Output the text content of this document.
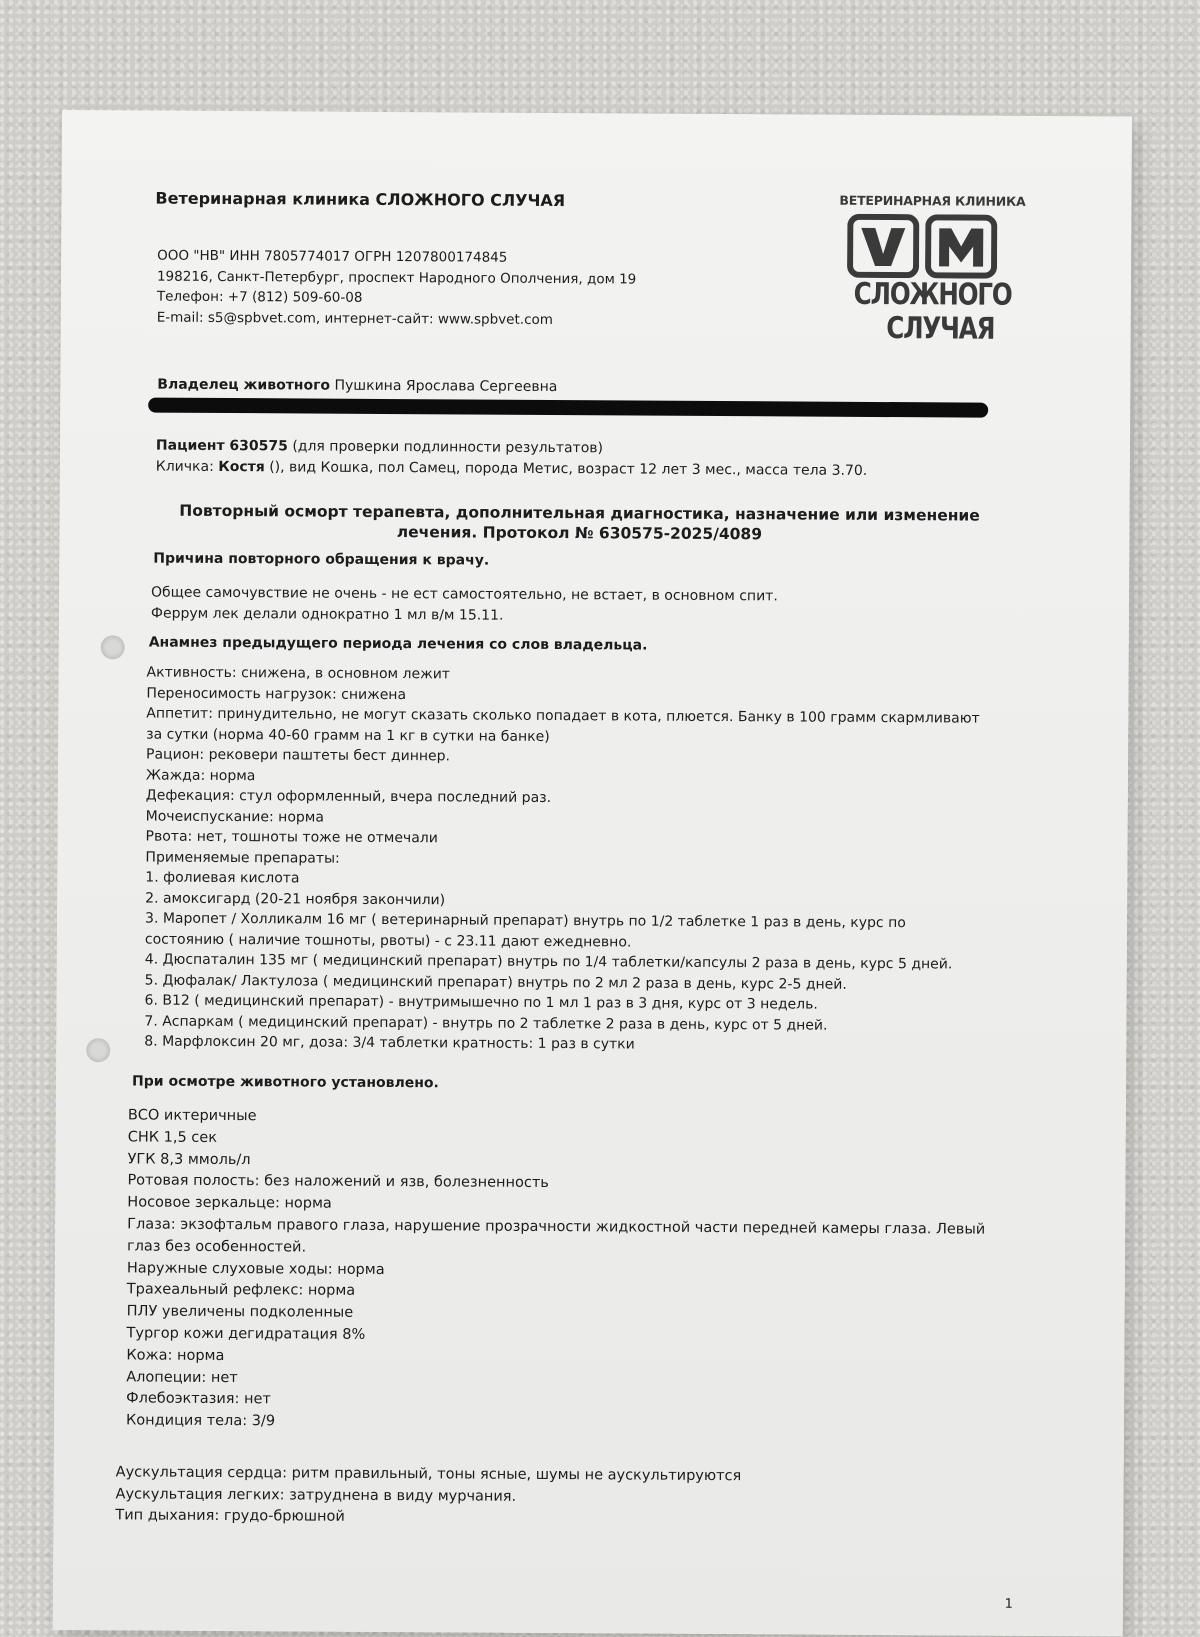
Ветеринарная клиника СЛОЖНОГО СЛУЧАЯ
ООО "НВ" ИНН 7805774017 ОГРН 1207800174845
198216, Санкт-Петербург, проспект Народного Ополчения, дом 19
Телефон: +7 (812) 509-60-08
E-mail: s5@spbvet.com, интернет-сайт: www.spbvet.com
ВЕТЕРИНАРНАЯ КЛИНИКА
СЛОЖНОГО
СЛУЧАЯ
Владелец животного Пушкина Ярослава Сергеевна
Пациент 630575 (для проверки подлинности результатов)
Кличка: Костя (), вид Кошка, пол Самец, порода Метис, возраст 12 лет 3 мес., масса тела 3.70.
Повторный осморт терапевта, дополнительная диагностика, назначение или изменение лечения. Протокол № 630575-2025/4089
Причина повторного обращения к врачу.
Общее самочувствие не очень - не ест самостоятельно, не встает, в основном спит.
Феррум лек делали однократно 1 мл в/м 15.11.
Анамнез предыдущего периода лечения со слов владельца.
Активность: снижена, в основном лежит
Переносимость нагрузок: снижена
Аппетит: принудительно, не могут сказать сколько попадает в кота, плюется. Банку в 100 грамм скармливают
за сутки (норма 40-60 грамм на 1 кг в сутки на банке)
Рацион: рековери паштеты бест диннер.
Жажда: норма
Дефекация: стул оформленный, вчера последний раз.
Мочеиспускание: норма
Рвота: нет, тошноты тоже не отмечали
Применяемые препараты:
1. фолиевая кислота
2. амоксигард (20-21 ноября закончили)
3. Маропет / Холликалм 16 мг ( ветеринарный препарат) внутрь по 1/2 таблетке 1 раз в день, курс по
состоянию ( наличие тошноты, рвоты) - с 23.11 дают ежедневно.
4. Дюспаталин 135 мг ( медицинский препарат) внутрь по 1/4 таблетки/капсулы 2 раза в день, курс 5 дней.
5. Дюфалак/ Лактулоза ( медицинский препарат) внутрь по 2 мл 2 раза в день, курс 2-5 дней.
6. B12 ( медицинский препарат) - внутримышечно по 1 мл 1 раз в 3 дня, курс от 3 недель.
7. Аспаркам ( медицинский препарат) - внутрь по 2 таблетке 2 раза в день, курс от 5 дней.
8. Марфлоксин 20 мг, доза: 3/4 таблетки кратность: 1 раз в сутки
При осмотре животного установлено.
ВСО иктеричные
СНК 1,5 сек
УГК 8,3 ммоль/л
Ротовая полость: без наложений и язв, болезненность
Носовое зеркальце: норма
Глаза: экзофтальм правого глаза, нарушение прозрачности жидкостной части передней камеры глаза. Левый
глаз без особенностей.
Наружные слуховые ходы: норма
Трахеальный рефлекс: норма
ПЛУ увеличены подколенные
Тургор кожи дегидратация 8%
Кожа: норма
Алопеции: нет
Флебоэктазия: нет
Кондиция тела: 3/9
Аускультация сердца: ритм правильный, тоны ясные, шумы не аускультируются
Аускультация легких: затруднена в виду мурчания.
Тип дыхания: грудо-брюшной
1
